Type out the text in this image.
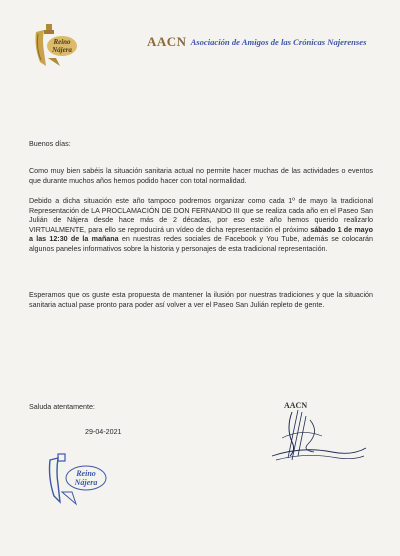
Reino
Nájera
AACN Asociación de Amigos de las Crónicas Najerenses
Buenos días:
Como muy bien sabéis la situación sanitaria actual no permite hacer muchas de las actividades o eventos que durante muchos años hemos podido hacer con total normalidad.
Debido a dicha situación este año tampoco podremos organizar como cada 1º de mayo la tradicional Representación de LA PROCLAMACIÓN DE DON FERNANDO III que se realiza cada año en el Paseo San Julián de Nájera desde hace más de 2 décadas, por eso este año hemos querido realizarlo VIRTUALMENTE, para ello se reproducirá un vídeo de dicha representación el próximo sábado 1 de mayo a las 12:30 de la mañana en nuestras redes sociales de Facebook y You Tube, además se colocarán algunos paneles informativos sobre la historia y personajes de esta tradicional representación.
Esperamos que os guste esta propuesta de mantener la ilusión por nuestras tradiciones y que la situación sanitaria actual pase pronto para poder así volver a ver el Paseo San Julián repleto de gente.
Saluda atentamente:
29-04-2021
AACN
Reino
Nájera
